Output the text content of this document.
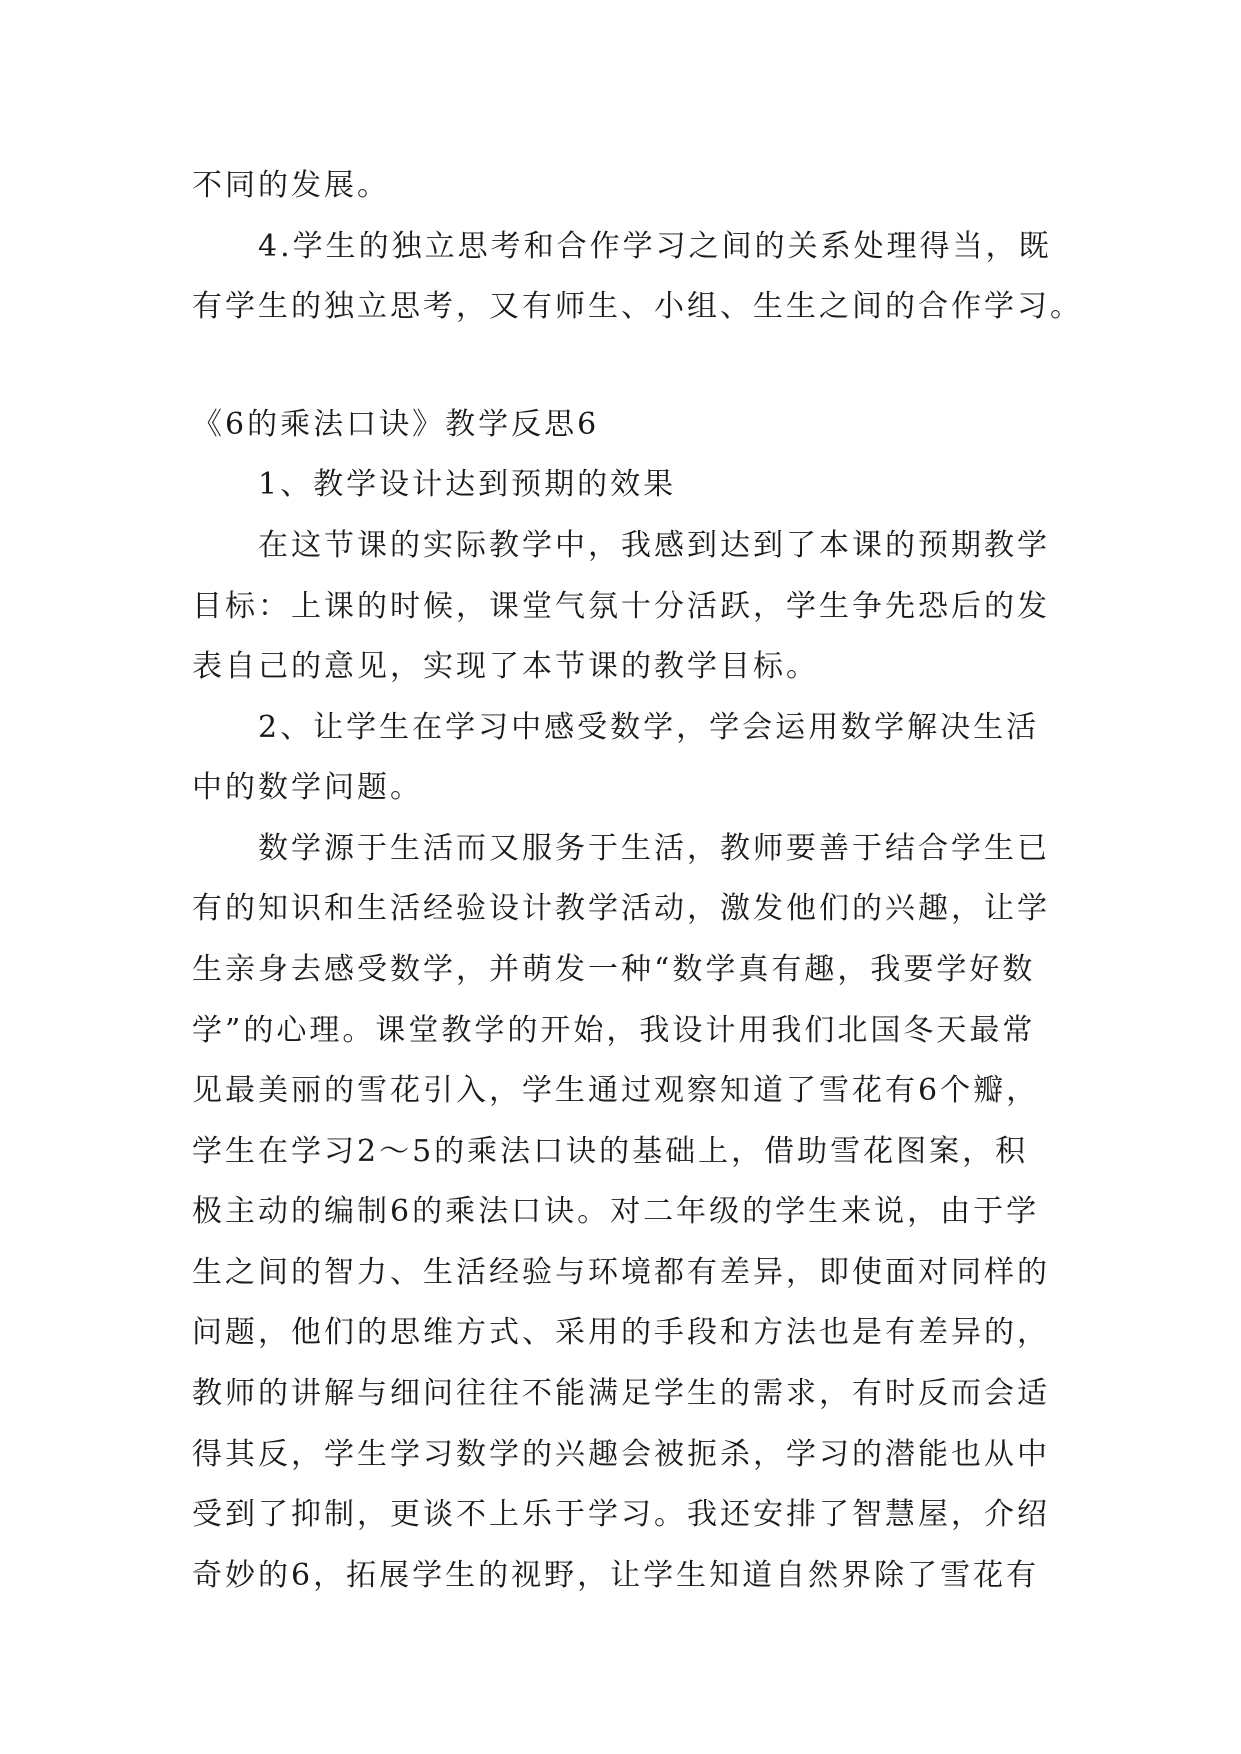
不同的发展。
4.学生的独立思考和合作学习之间的关系处理得当，既
有学生的独立思考，又有师生、小组、生生之间的合作学习。
《6的乘法口诀》教学反思6
1、教学设计达到预期的效果
在这节课的实际教学中，我感到达到了本课的预期教学
目标：上课的时候，课堂气氛十分活跃，学生争先恐后的发
表自己的意见，实现了本节课的教学目标。
2、让学生在学习中感受数学，学会运用数学解决生活
中的数学问题。
数学源于生活而又服务于生活，教师要善于结合学生已
有的知识和生活经验设计教学活动，激发他们的兴趣，让学
生亲身去感受数学，并萌发一种“数学真有趣，我要学好数
学”的心理。课堂教学的开始，我设计用我们北国冬天最常
见最美丽的雪花引入，学生通过观察知道了雪花有6个瓣，
学生在学习2～5的乘法口诀的基础上，借助雪花图案，积
极主动的编制6的乘法口诀。对二年级的学生来说，由于学
生之间的智力、生活经验与环境都有差异，即使面对同样的
问题，他们的思维方式、采用的手段和方法也是有差异的，
教师的讲解与细问往往不能满足学生的需求，有时反而会适
得其反，学生学习数学的兴趣会被扼杀，学习的潜能也从中
受到了抑制，更谈不上乐于学习。我还安排了智慧屋，介绍
奇妙的6，拓展学生的视野，让学生知道自然界除了雪花有
